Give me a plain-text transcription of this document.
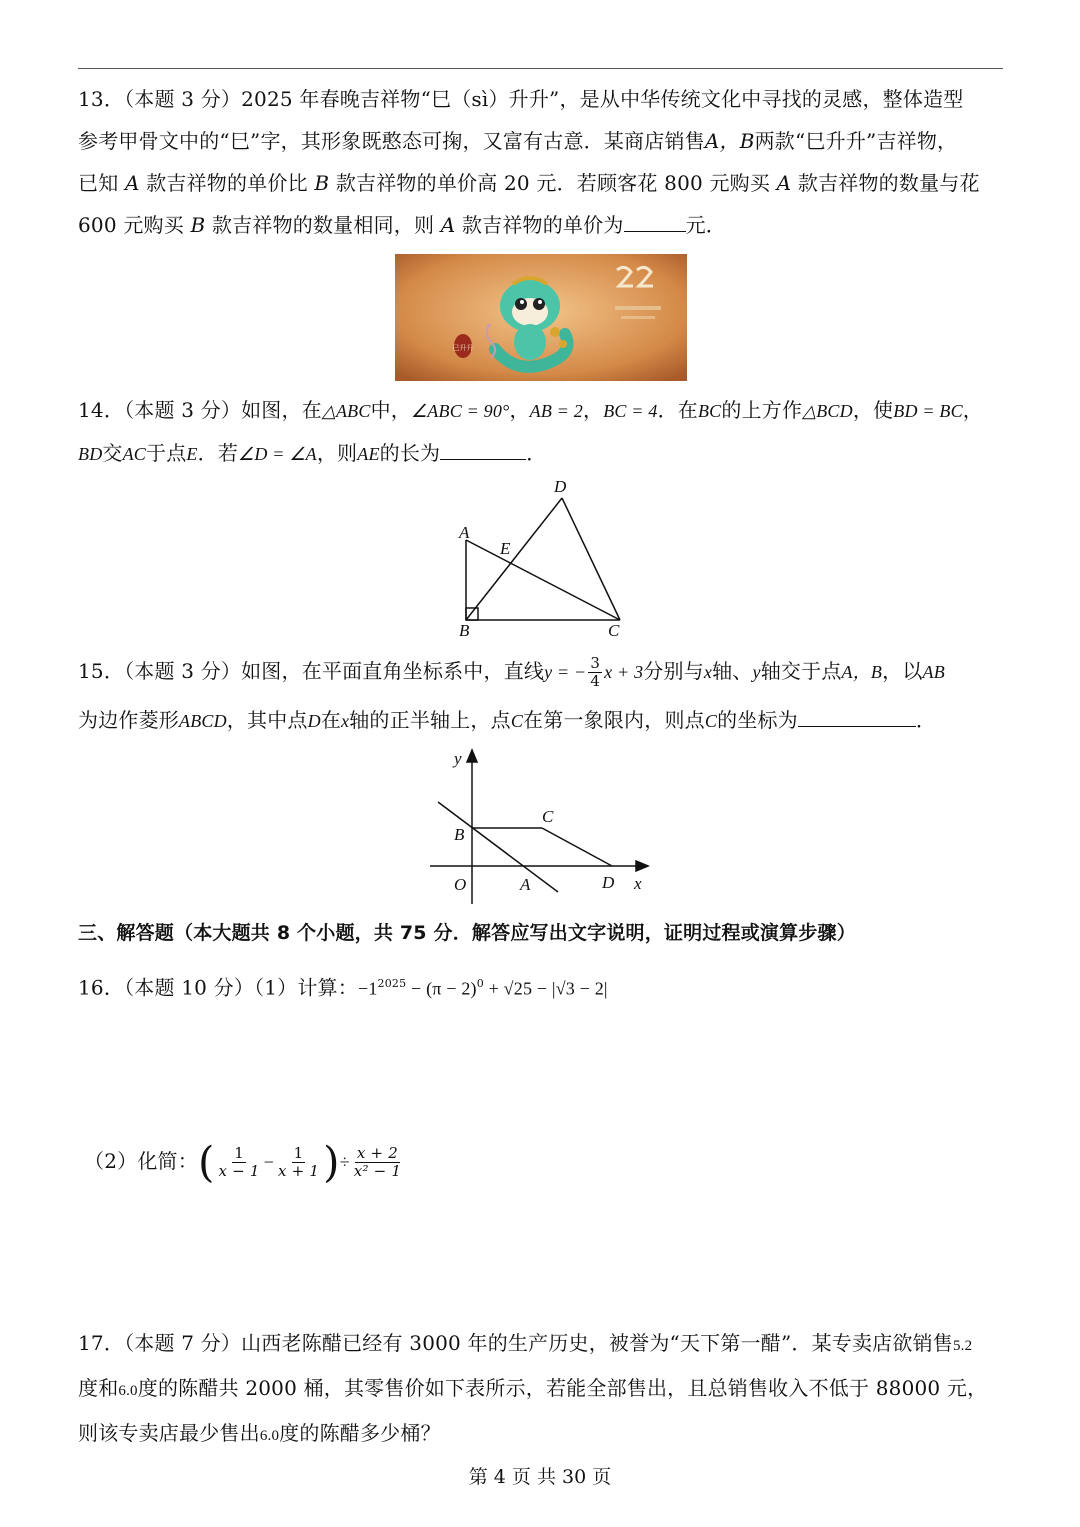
13．（本题 3 分）2025 年春晚吉祥物“巳（sì）升升”，是从中华传统文化中寻找的灵感，整体造型
参考甲骨文中的“巳”字，其形象既憨态可掬，又富有古意．某商店销售A，B两款“巳升升”吉祥物，
已知 A 款吉祥物的单价比 B 款吉祥物的单价高 20 元．若顾客花 800 元购买 A 款吉祥物的数量与花
600 元购买 B 款吉祥物的数量相同，则 A 款吉祥物的单价为	元．
巳升升
14．（本题 3 分）如图，在△ABC中，∠ABC = 90°，AB = 2，BC = 4．在BC的上方作△BCD，使BD = BC，
BD交AC于点E．若∠D = ∠A，则AE的长为	．
A
B	C
D
E
15．（本题 3 分）如图，在平面直角坐标系中，直线y = − $\frac{3}{4}$ x + 3分别与x轴、y轴交于点A，B，以AB
为边作菱形ABCD，其中点D在x轴的正半轴上，点C在第一象限内，则点C的坐标为	．
y
x
O
B
A
C
D
三、解答题（本大题共 8 个小题，共 75 分．解答应写出文字说明，证明过程或演算步骤）
16．（本题 10 分）（1）计算：$-1^{2025} - (\pi - 2)^0 + √25 - |√3 - 2|$
（2）化简：( $\frac{1}{x - 1} - \frac{1}{x + 1}$ )÷ $\frac{x + 2}{\text{x² − 1}}$
17．（本题 7 分）山西老陈醋已经有 3000 年的生产历史，被誉为“天下第一醋”．某专卖店欲销售5.2
度和6.0度的陈醋共 2000 桶，其零售价如下表所示，若能全部售出，且总销售收入不低于 88000 元，
则该专卖店最少售出6.0度的陈醋多少桶？
第 4 页 共 30 页
